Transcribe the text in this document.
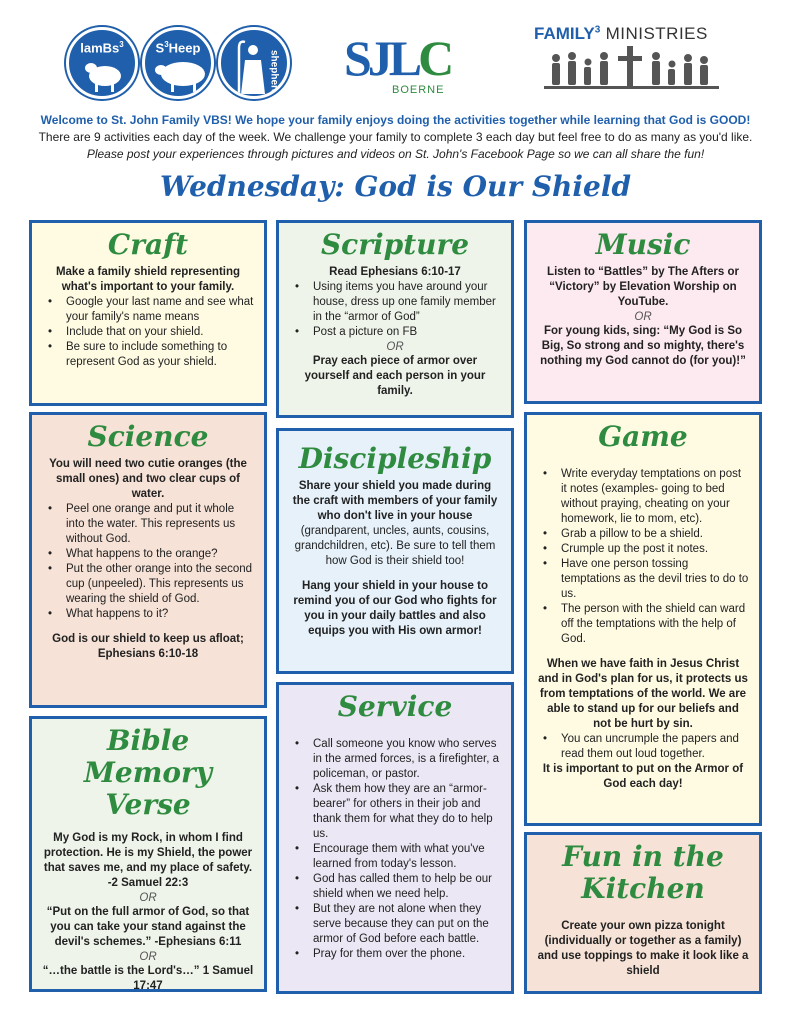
lamBs$^3$	$S^3Heep$
shepherd$^3$
SJLC
BOERNE
FAMILY$^3$ MINISTRIES
Welcome to St. John Family VBS! We hope your family enjoys doing the activities together while learning that God is GOOD!
There are 9 activities each day of the week. We challenge your family to complete 3 each day but feel free to do as many as you'd like.
Please post your experiences through pictures and videos on St. John's Facebook Page so we can all share the fun!
Wednesday: God is Our Shield
Craft

Make a family shield representing what's important to your family.

• Google your last name and see what your family's name means
• Include that on your shield.
• Be sure to include something to represent God as your shield.
Scripture

Read Ephesians 6:10-17

• Using items you have around your house, dress up one family member in the “armor of God”
• Post a picture on FB

OR

Pray each piece of armor over yourself and each person in your family.

Music

Listen to “Battles” by The Afters or “Victory” by Elevation Worship on YouTube.

OR

For young kids, sing: “My God is So Big, So strong and so mighty, there's nothing my God cannot do (for you)!”

Science

You will need two cutie oranges (the small ones) and two clear cups of water.

• Peel one orange and put it whole into the water. This represents us without God.
• What happens to the orange?
• Put the other orange into the second cup (unpeeled). This represents us wearing the shield of God.
• What happens to it?

God is our shield to keep us afloat; Ephesians 6:10-18

Discipleship

Share your shield you made during the craft with members of your family who don't live in your house (grandparent, uncles, aunts, cousins, grandchildren, etc). Be sure to tell them how God is their shield too!

Hang your shield in your house to remind you of our God who fights for you in your daily battles and also equips you with His own armor!

Game
• Write everyday temptations on post it notes (examples- going to bed without praying, cheating on your homework, lie to mom, etc).
• Grab a pillow to be a shield.
• Crumple up the post it notes.
• Have one person tossing temptations as the devil tries to do to us.
• The person with the shield can ward off the temptations with the help of God.

When we have faith in Jesus Christ and in God's plan for us, it protects us from temptations of the world. We are able to stand up for our beliefs and not be hurt by sin.

• You can uncrumple the papers and read them out loud together.

It is important to put on the Armor of God each day!

Bible Memory Verse

My God is my Rock, in whom I find protection. He is my Shield, the power that saves me, and my place of safety. -2 Samuel 22:3

OR

“Put on the full armor of God, so that you can take your stand against the devil's schemes.” -Ephesians 6:11

OR

“…the battle is the Lord's…” 1 Samuel 17:47

Service
• Call someone you know who serves in the armed forces, is a firefighter, a policeman, or pastor.
• Ask them how they are an “armor-bearer” for others in their job and thank them for what they do to help us.
• Encourage them with what you've learned from today's lesson.
• God has called them to help be our shield when we need help.
• But they are not alone when they serve because they can put on the armor of God before each battle.
• Pray for them over the phone.
Fun in the Kitchen

Create your own pizza tonight (individually or together as a family) and use toppings to make it look like a shield
